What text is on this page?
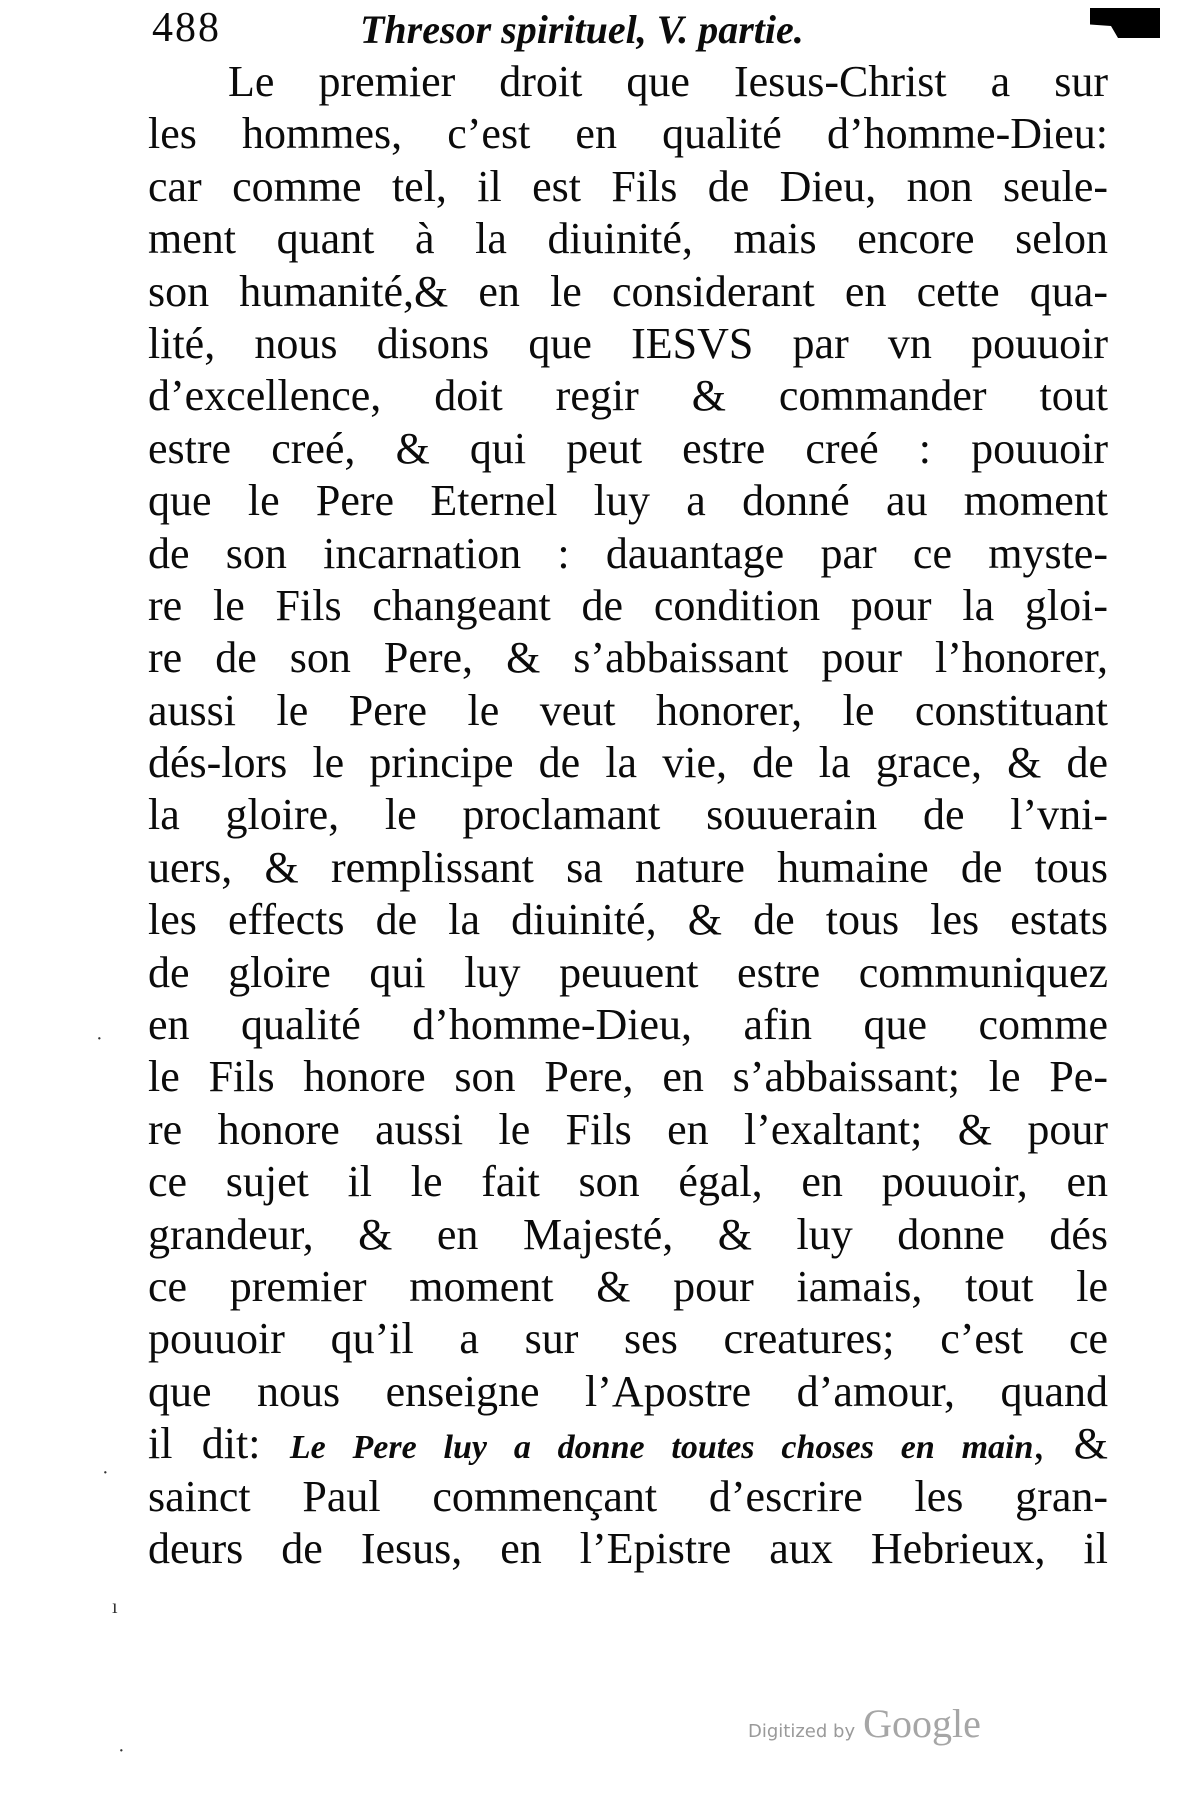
488	Thresor spirituel, V. partie.
Le premier droit que Iesus-Christ a sur
les hommes, c’est en qualité d’homme-Dieu:
car comme tel, il est Fils de Dieu, non seule-
ment quant à la diuinité, mais encore selon
son humanité,& en le considerant en cette qua-
lité, nous disons que IESVS par vn pouuoir
d’excellence, doit regir & commander tout
estre creé, & qui peut estre creé : pouuoir
que le Pere Eternel luy a donné au moment
de son incarnation : dauantage par ce myste-
re le Fils changeant de condition pour la gloi-
re de son Pere, & s’abbaissant pour l’honorer,
aussi le Pere le veut honorer, le constituant
dés-lors le principe de la vie, de la grace, & de
la gloire, le proclamant souuerain de l’vni-
uers, & remplissant sa nature humaine de tous
les effects de la diuinité, & de tous les estats
de gloire qui luy peuuent estre communiquez
en qualité d’homme-Dieu, afin que comme
le Fils honore son Pere, en s’abbaissant; le Pe-
re honore aussi le Fils en l’exaltant; & pour
ce sujet il le fait son égal, en pouuoir, en
grandeur, & en Majesté, & luy donne dés
ce premier moment & pour iamais, tout le
pouuoir qu’il a sur ses creatures; c’est ce
que nous enseigne l’Apostre d’amour, quand
il dit: Le Pere luy a donne toutes choses en main, &
sainct Paul commençant d’escrire les gran-
deurs de Iesus, en l’Epistre aux Hebrieux, il
ı
·
·
·
Digitized by Google
